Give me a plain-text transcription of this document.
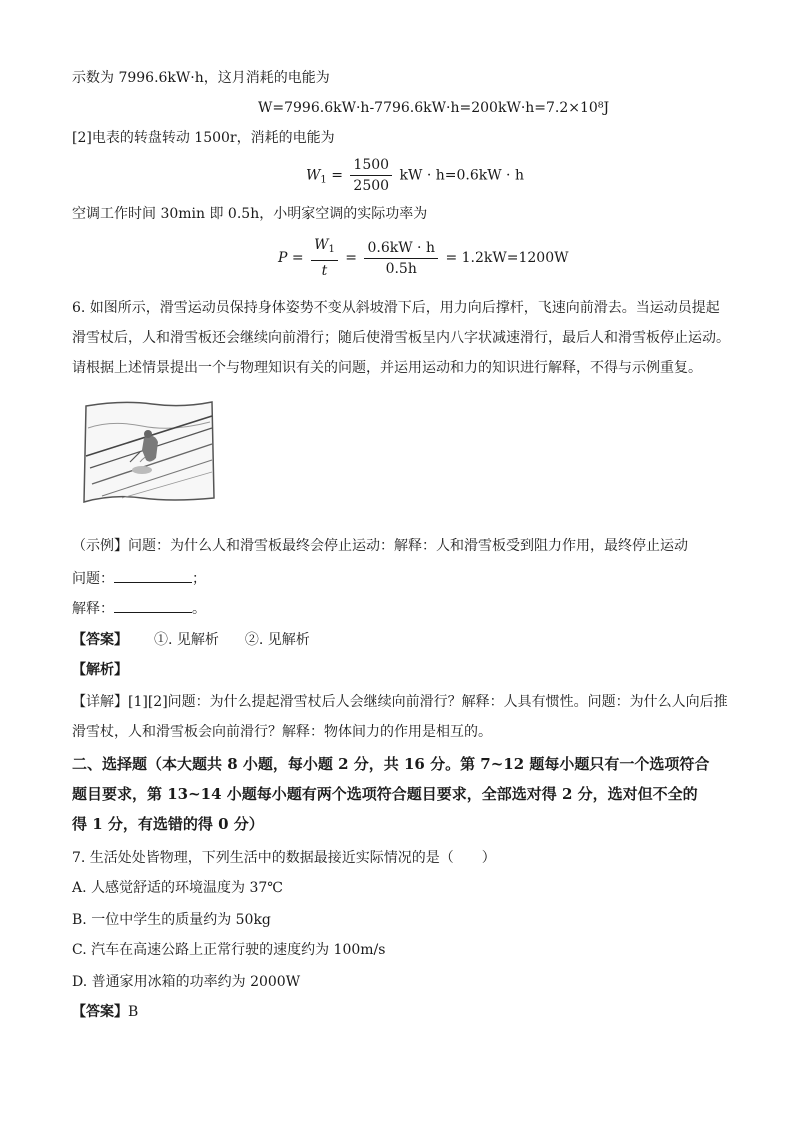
示数为 7996.6kW·h，这月消耗的电能为
W=7996.6kW·h-7796.6kW·h=200kW·h=7.2×10⁸J
[2]电表的转盘转动 1500r，消耗的电能为
$W_1 = \frac{1500}{2500}$ kW · h=0.6kW · h
空调工作时间 30min 即 0.5h，小明家空调的实际功率为
$P = \frac{W_1}{t} = \frac{0.6kW \cdot h}{0.5h} = 1.2kW=1200W$
6. 如图所示，滑雪运动员保持身体姿势不变从斜坡滑下后，用力向后撑杆，飞速向前滑去。当运动员提起
滑雪杖后，人和滑雪板还会继续向前滑行；随后使滑雪板呈内八字状减速滑行，最后人和滑雪板停止运动。
请根据上述情景提出一个与物理知识有关的问题，并运用运动和力的知识进行解释，不得与示例重复。
（示例】问题：为什么人和滑雪板最终会停止运动：解释：人和滑雪板受到阻力作用，最终停止运动
问题：	；
解释：	。
【答案】 ①. 见解析 ②. 见解析
【解析】
【详解】[1][2]问题：为什么提起滑雪杖后人会继续向前滑行？解释：人具有惯性。问题：为什么人向后推
滑雪杖，人和滑雪板会向前滑行？解释：物体间力的作用是相互的。
二、选择题（本大题共 8 小题，每小题 2 分，共 16 分。第 7~12 题每小题只有一个选项符合
题目要求，第 13~14 小题每小题有两个选项符合题目要求，全部选对得 2 分，选对但不全的
得 1 分，有选错的得 0 分）
7. 生活处处皆物理，下列生活中的数据最接近实际情况的是（　　）
A. 人感觉舒适的环境温度为 37℃
B. 一位中学生的质量约为 50kg
C. 汽车在高速公路上正常行驶的速度约为 100m/s
D. 普通家用冰箱的功率约为 2000W
【答案】B
